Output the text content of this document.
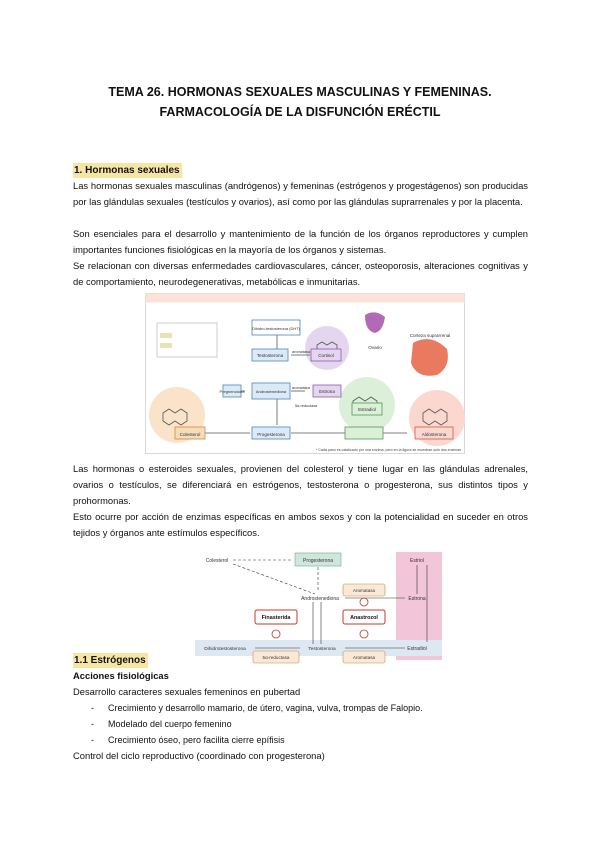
TEMA 26. HORMONAS SEXUALES MASCULINAS Y FEMENINAS.
FARMACOLOGÍA DE LA DISFUNCIÓN ERÉCTIL
1. Hormonas sexuales
Las hormonas sexuales masculinas (andrógenos) y femeninas (estrógenos y progestágenos) son producidas por las glándulas sexuales (testículos y ovarios), así como por las glándulas suprarrenales y por la placenta.
Son esenciales para el desarrollo y mantenimiento de la función de los órganos reproductores y cumplen importantes funciones fisiológicas en la mayoría de los órganos y sistemas.
Se relacionan con diversas enfermedades cardiovasculares, cáncer, osteoporosis, alteraciones cognitivas y de comportamiento, neurodegenerativas, metabólicas e inmunitarias.
Colesterol
Pregnenolona
Progesterona
Testosterona
Androstenediona
Dihidro-testosterona (DHT)
Cortisol
Estrona
Estradiol
Aldosterona
Ovario
Corteza suprarrenal
aromatasa
aromatasa
5α-reductasa
* Cada paso es catalizado por una enzima, pero en la figura se muestran solo dos enzimas
Las hormonas o esteroides sexuales, provienen del colesterol y tiene lugar en las glándulas adrenales, ovarios o testículos, se diferenciará en estrógenos, testosterona o progesterona, sus distintos tipos y prohormonas.
Esto ocurre por acción de enzimas específicas en ambos sexos y con la potencialidad en suceder en otros tejidos y órganos ante estímulos específicos.
Colesterol	Progesterona
Androstenediona
Aromatasa
Aromatasa
Estriol
Estrona
Estradiol
Finasterida	Anastrozol
Dihidrotestosterona
5α-reductasa
Testosterona
1.1 Estrógenos
Acciones fisiológicas
Desarrollo caracteres sexuales femeninos en pubertad
- Crecimiento y desarrollo mamario, de útero, vagina, vulva, trompas de Falopio.
- Modelado del cuerpo femenino
- Crecimiento óseo, pero facilita cierre epífisis
Control del ciclo reproductivo (coordinado con progesterona)
